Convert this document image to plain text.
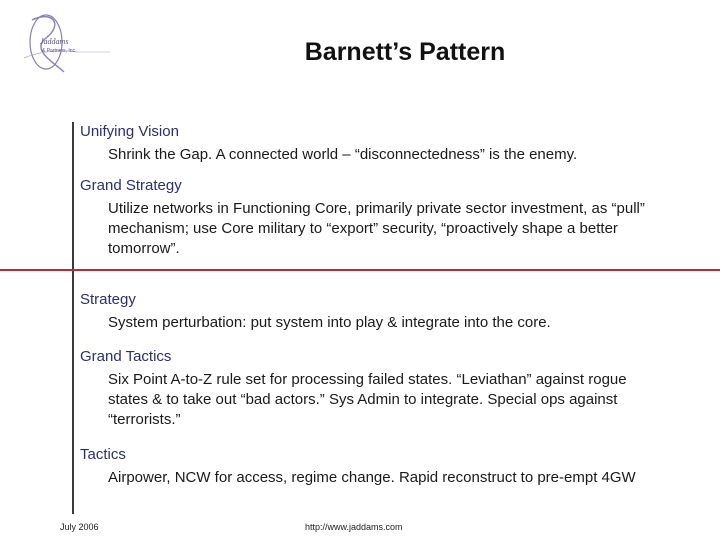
Jaddams
& Partners, Inc.	Barnett’s Pattern
Unifying Vision
Shrink the Gap. A connected world – “disconnectedness” is the enemy.
Grand Strategy
Utilize networks in Functioning Core, primarily private sector investment, as “pull” mechanism; use Core military to “export” security, “proactively shape a better tomorrow”.
Strategy
System perturbation: put system into play & integrate into the core.
Grand Tactics
Six Point A-to-Z rule set for processing failed states. “Leviathan” against rogue states & to take out “bad actors.” Sys Admin to integrate. Special ops against “terrorists.”
Tactics
Airpower, NCW for access, regime change. Rapid reconstruct to pre-empt 4GW
July 2006	http://www.jaddams.com
